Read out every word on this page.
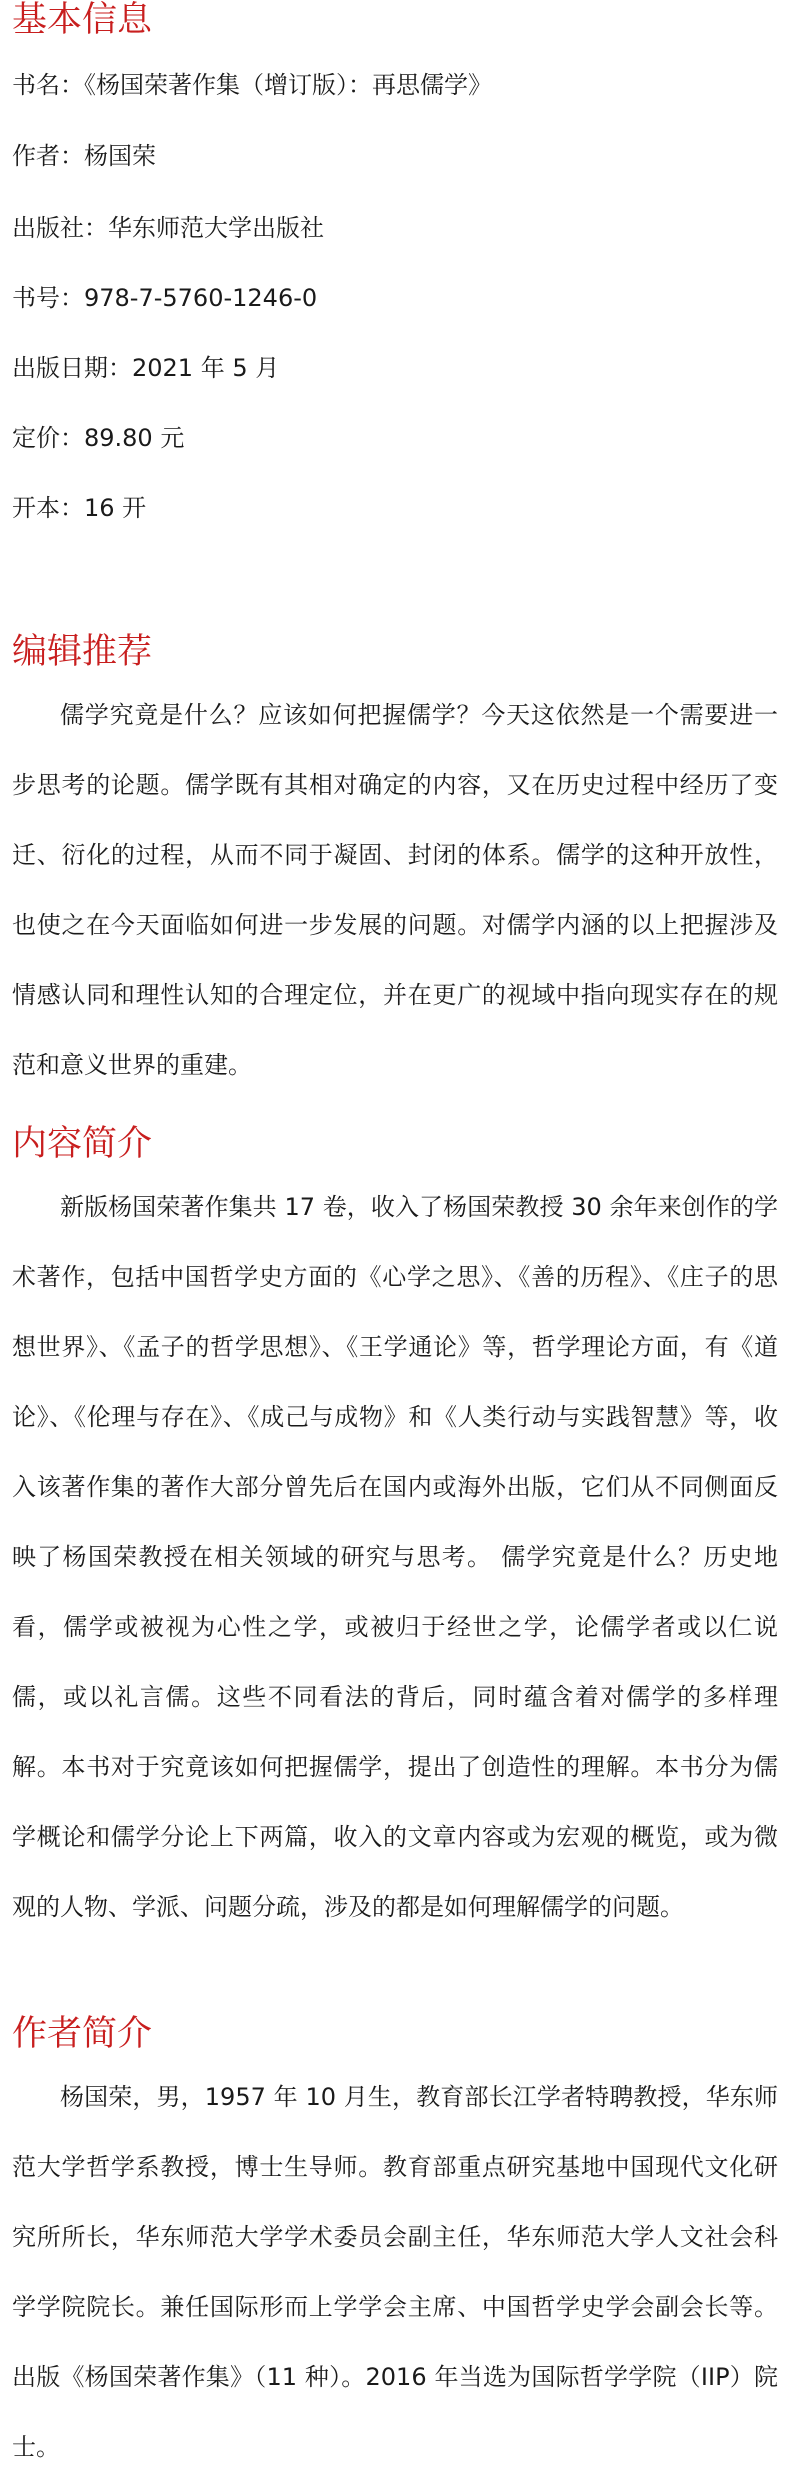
基本信息

书名：《杨国荣著作集（增订版）：再思儒学》

作者：杨国荣

出版社：华东师范大学出版社

书号：978-7-5760-1246-0

出版日期：2021 年 5 月

定价：89.80 元

开本：16 开

编辑推荐

儒学究竟是什么？应该如何把握儒学？今天这依然是一个需要进一步思考的论题。儒学既有其相对确定的内容，又在历史过程中经历了变迁、衍化的过程，从而不同于凝固、封闭的体系。儒学的这种开放性，也使之在今天面临如何进一步发展的问题。对儒学内涵的以上把握涉及情感认同和理性认知的合理定位，并在更广的视域中指向现实存在的规范和意义世界的重建。

内容简介

新版杨国荣著作集共 17 卷，收入了杨国荣教授 30 余年来创作的学术著作，包括中国哲学史方面的《心学之思》、《善的历程》、《庄子的思想世界》、《孟子的哲学思想》、《王学通论》等，哲学理论方面，有《道论》、《伦理与存在》、《成己与成物》和《人类行动与实践智慧》等，收入该著作集的著作大部分曾先后在国内或海外出版，它们从不同侧面反映了杨国荣教授在相关领域的研究与思考。 儒学究竟是什么？历史地看，儒学或被视为心性之学，或被归于经世之学，论儒学者或以仁说儒，或以礼言儒。这些不同看法的背后，同时蕴含着对儒学的多样理解。本书对于究竟该如何把握儒学，提出了创造性的理解。本书分为儒学概论和儒学分论上下两篇，收入的文章内容或为宏观的概览，或为微观的人物、学派、问题分疏，涉及的都是如何理解儒学的问题。

作者简介

杨国荣，男，1957 年 10 月生，教育部长江学者特聘教授，华东师范大学哲学系教授，博士生导师。教育部重点研究基地中国现代文化研究所所长，华东师范大学学术委员会副主任，华东师范大学人文社会科学学院院长。兼任国际形而上学学会主席、中国哲学史学会副会长等。出版《杨国荣著作集》（11 种）。2016 年当选为国际哲学学院（IIP）院士。
